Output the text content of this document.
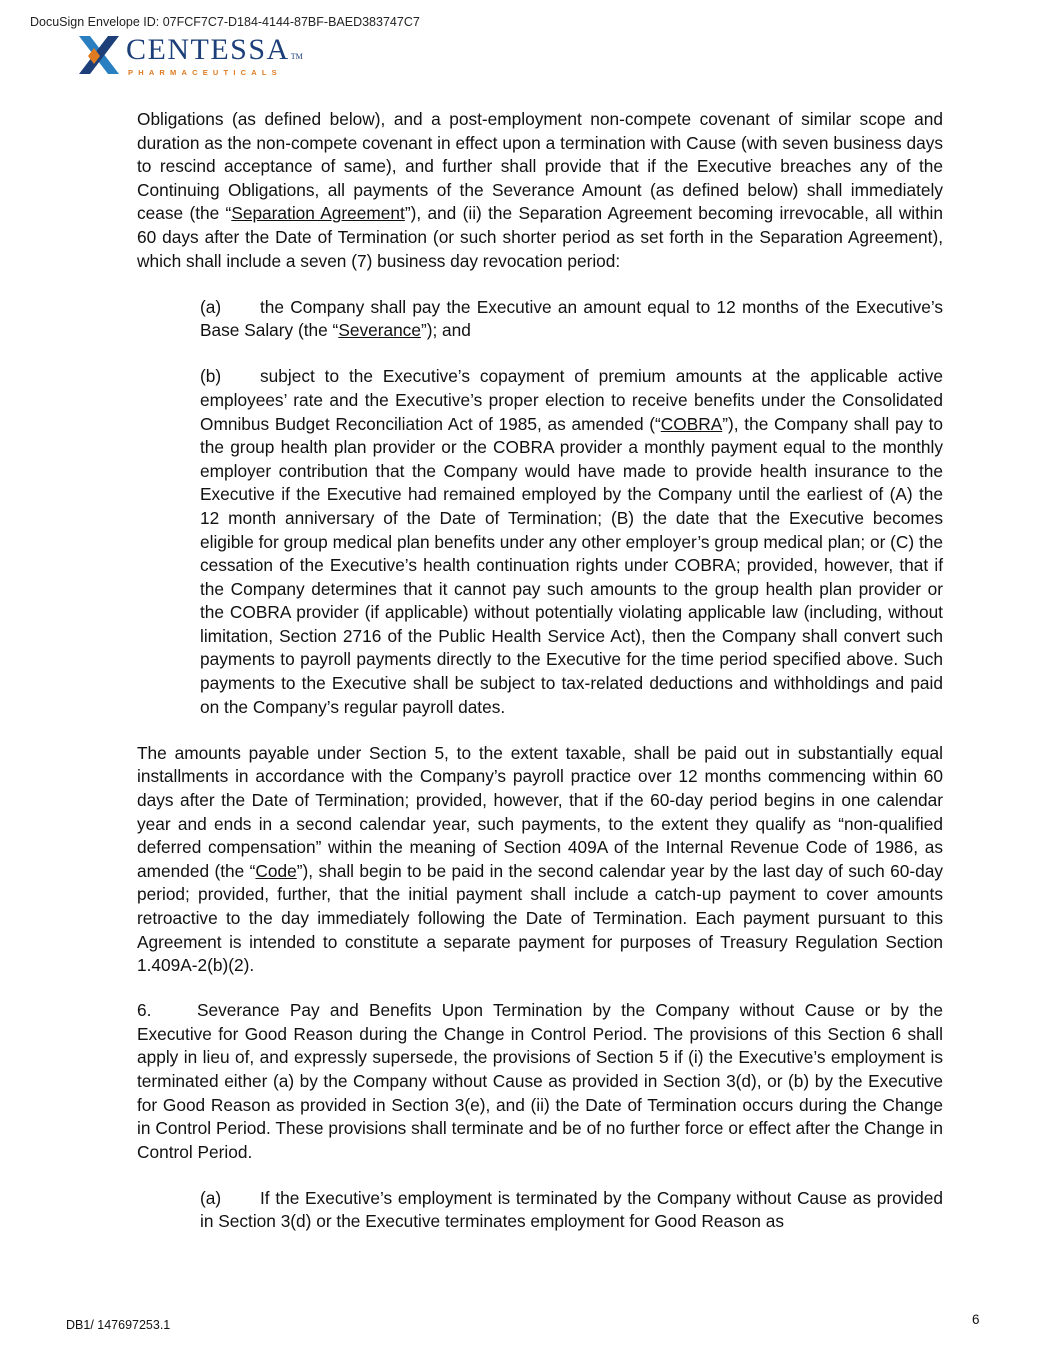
DocuSign Envelope ID: 07FCF7C7-D184-4144-87BF-BAED383747C7
CENTESSATM
PHARMACEUTICALS

Obligations (as defined below), and a post-employment non-compete covenant of similar scope and duration as the non-compete covenant in effect upon a termination with Cause (with seven business days to rescind acceptance of same), and further shall provide that if the Executive breaches any of the Continuing Obligations, all payments of the Severance Amount (as defined below) shall immediately cease (the “Separation Agreement”), and (ii) the Separation Agreement becoming irrevocable, all within 60 days after the Date of Termination (or such shorter period as set forth in the Separation Agreement), which shall include a seven (7) business day revocation period:

(a) the Company shall pay the Executive an amount equal to 12 months of the Executive’s Base Salary (the “Severance”); and

(b) subject to the Executive’s copayment of premium amounts at the applicable active employees’ rate and the Executive’s proper election to receive benefits under the Consolidated Omnibus Budget Reconciliation Act of 1985, as amended (“COBRA”), the Company shall pay to the group health plan provider or the COBRA provider a monthly payment equal to the monthly employer contribution that the Company would have made to provide health insurance to the Executive if the Executive had remained employed by the Company until the earliest of (A) the 12 month anniversary of the Date of Termination; (B) the date that the Executive becomes eligible for group medical plan benefits under any other employer’s group medical plan; or (C) the cessation of the Executive’s health continuation rights under COBRA; provided, however, that if the Company determines that it cannot pay such amounts to the group health plan provider or the COBRA provider (if applicable) without potentially violating applicable law (including, without limitation, Section 2716 of the Public Health Service Act), then the Company shall convert such payments to payroll payments directly to the Executive for the time period specified above. Such payments to the Executive shall be subject to tax-related deductions and withholdings and paid on the Company’s regular payroll dates.

The amounts payable under Section 5, to the extent taxable, shall be paid out in substantially equal installments in accordance with the Company’s payroll practice over 12 months commencing within 60 days after the Date of Termination; provided, however, that if the 60-day period begins in one calendar year and ends in a second calendar year, such payments, to the extent they qualify as “non-qualified deferred compensation” within the meaning of Section 409A of the Internal Revenue Code of 1986, as amended (the “Code”), shall begin to be paid in the second calendar year by the last day of such 60-day period; provided, further, that the initial payment shall include a catch-up payment to cover amounts retroactive to the day immediately following the Date of Termination. Each payment pursuant to this Agreement is intended to constitute a separate payment for purposes of Treasury Regulation Section 1.409A-2(b)(2).

6.	Severance Pay and Benefits Upon Termination by the Company without Cause or by the Executive for Good Reason during the Change in Control Period. The provisions of this Section 6 shall apply in lieu of, and expressly supersede, the provisions of Section 5 if (i) the Executive’s employment is terminated either (a) by the Company without Cause as provided in Section 3(d), or (b) by the Executive for Good Reason as provided in Section 3(e), and (ii) the Date of Termination occurs during the Change in Control Period. These provisions shall terminate and be of no further force or effect after the Change in Control Period.

(a) If the Executive’s employment is terminated by the Company without Cause as provided in Section 3(d) or the Executive terminates employment for Good Reason as

DB1/ 147697253.1	6
